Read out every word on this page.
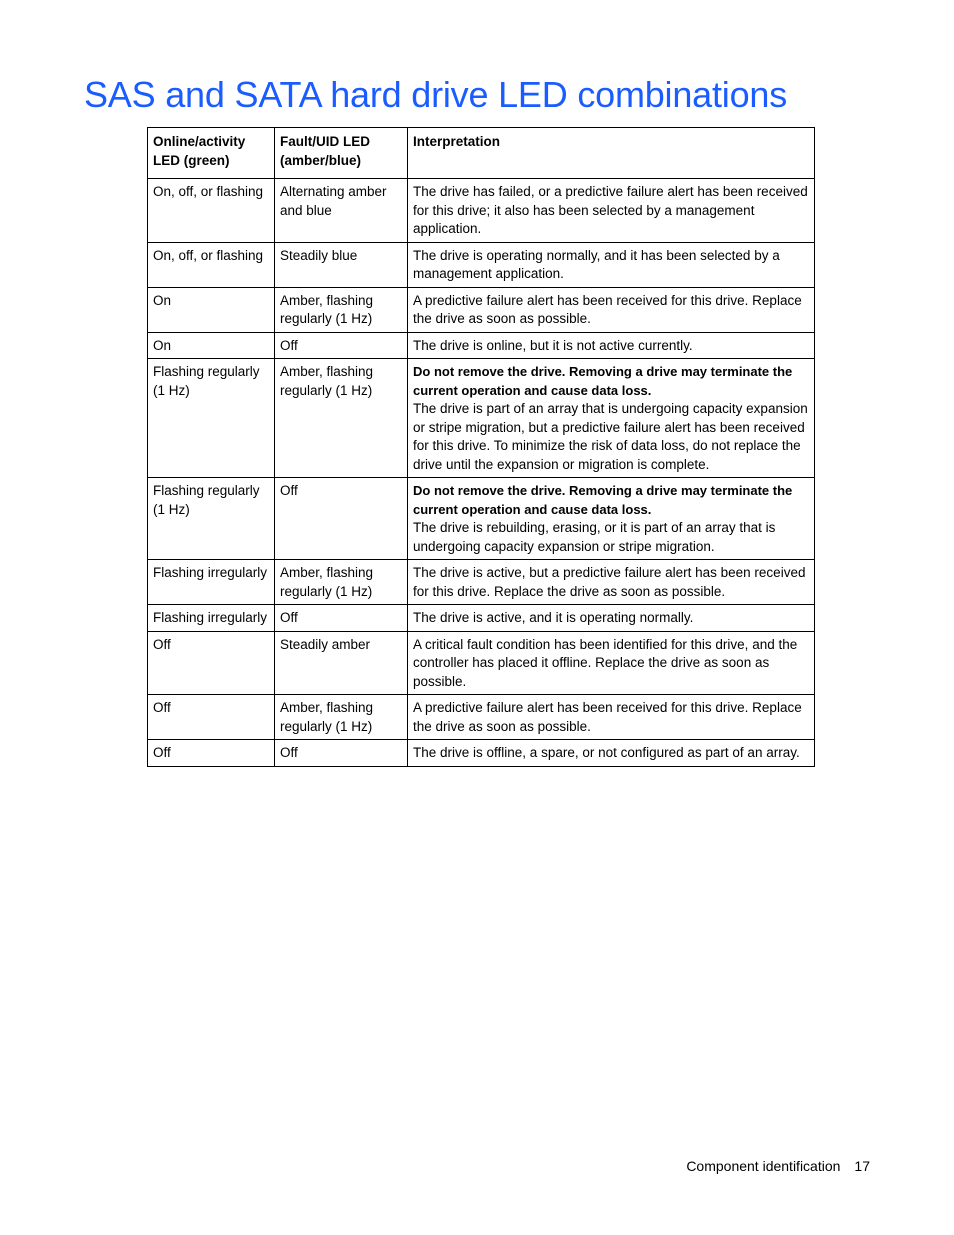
SAS and SATA hard drive LED combinations
Online/activity LED (green)	Fault/UID LED (amber/blue)	Interpretation
On, off, or flashing	Alternating amber and blue	The drive has failed, or a predictive failure alert has been received for this drive; it also has been selected by a management application.
On, off, or flashing	Steadily blue	The drive is operating normally, and it has been selected by a management application.
On	Amber, flashing regularly (1 Hz)	A predictive failure alert has been received for this drive. Replace the drive as soon as possible.
On	Off	The drive is online, but it is not active currently.
Flashing regularly (1 Hz)	Amber, flashing regularly (1 Hz)	Do not remove the drive. Removing a drive may terminate the current operation and cause data loss.
The drive is part of an array that is undergoing capacity expansion or stripe migration, but a predictive failure alert has been received for this drive. To minimize the risk of data loss, do not replace the drive until the expansion or migration is complete.
Flashing regularly (1 Hz)	Off	Do not remove the drive. Removing a drive may terminate the current operation and cause data loss.
The drive is rebuilding, erasing, or it is part of an array that is undergoing capacity expansion or stripe migration.
Flashing irregularly	Amber, flashing regularly (1 Hz)	The drive is active, but a predictive failure alert has been received for this drive. Replace the drive as soon as possible.
Flashing irregularly	Off	The drive is active, and it is operating normally.
Off	Steadily amber	A critical fault condition has been identified for this drive, and the controller has placed it offline. Replace the drive as soon as possible.
Off	Amber, flashing regularly (1 Hz)	A predictive failure alert has been received for this drive. Replace the drive as soon as possible.
Off	Off	The drive is offline, a spare, or not configured as part of an array.
Component identification 17
